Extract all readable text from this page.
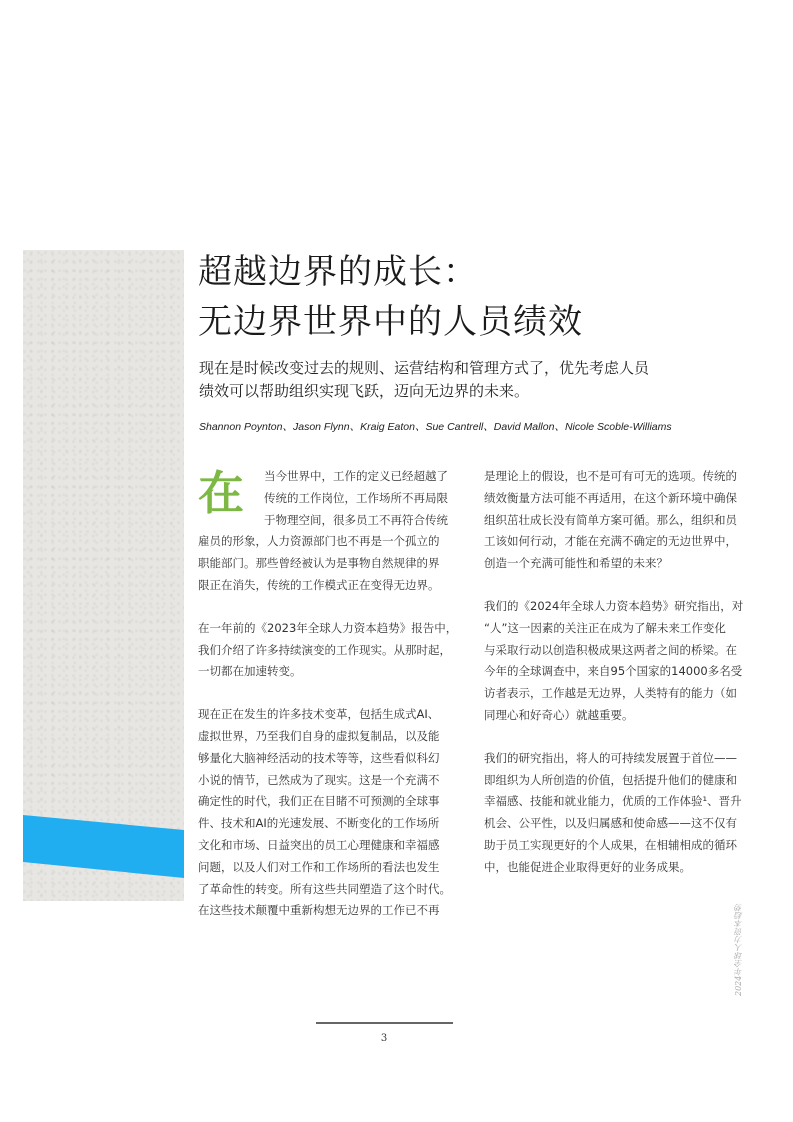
超越边界的成长：
无边界世界中的人员绩效

现在是时候改变过去的规则、运营结构和管理方式了，优先考虑人员
绩效可以帮助组织实现飞跃，迈向无边界的未来。

Shannon Poynton、Jason Flynn、Kraig Eaton、Sue Cantrell、David Mallon、Nicole Scoble-Williams
在	当今世界中，工作的定义已经超越了
传统的工作岗位，工作场所不再局限
于物理空间，很多员工不再符合传统

雇员的形象，人力资源部门也不再是一个孤立的
职能部门。那些曾经被认为是事物自然规律的界
限正在消失，传统的工作模式正在变得无边界。

在一年前的《2023年全球人力资本趋势》报告中，
我们介绍了许多持续演变的工作现实。从那时起，
一切都在加速转变。

现在正在发生的许多技术变革，包括生成式AI、
虚拟世界，乃至我们自身的虚拟复制品，以及能
够量化大脑神经活动的技术等等，这些看似科幻
小说的情节，已然成为了现实。这是一个充满不
确定性的时代，我们正在目睹不可预测的全球事
件、技术和AI的光速发展、不断变化的工作场所
文化和市场、日益突出的员工心理健康和幸福感
问题，以及人们对工作和工作场所的看法也发生
了革命性的转变。所有这些共同塑造了这个时代。
在这些技术颠覆中重新构想无边界的工作已不再

是理论上的假设，也不是可有可无的选项。传统的
绩效衡量方法可能不再适用，在这个新环境中确保
组织茁壮成长没有简单方案可循。那么，组织和员
工该如何行动，才能在充满不确定的无边世界中，
创造一个充满可能性和希望的未来？

我们的《2024年全球人力资本趋势》研究指出，对
“人”这一因素的关注正在成为了解未来工作变化
与采取行动以创造积极成果这两者之间的桥梁。在
今年的全球调查中，来自95个国家的14000多名受
访者表示，工作越是无边界，人类特有的能力（如
同理心和好奇心）就越重要。

我们的研究指出，将人的可持续发展置于首位——
即组织为人所创造的价值，包括提升他们的健康和
幸福感、技能和就业能力，优质的工作体验¹、晋升
机会、公平性，以及归属感和使命感——这不仅有
助于员工实现更好的个人成果，在相辅相成的循环
中，也能促进企业取得更好的业务成果。

2024年全球人力资本趋势
3
